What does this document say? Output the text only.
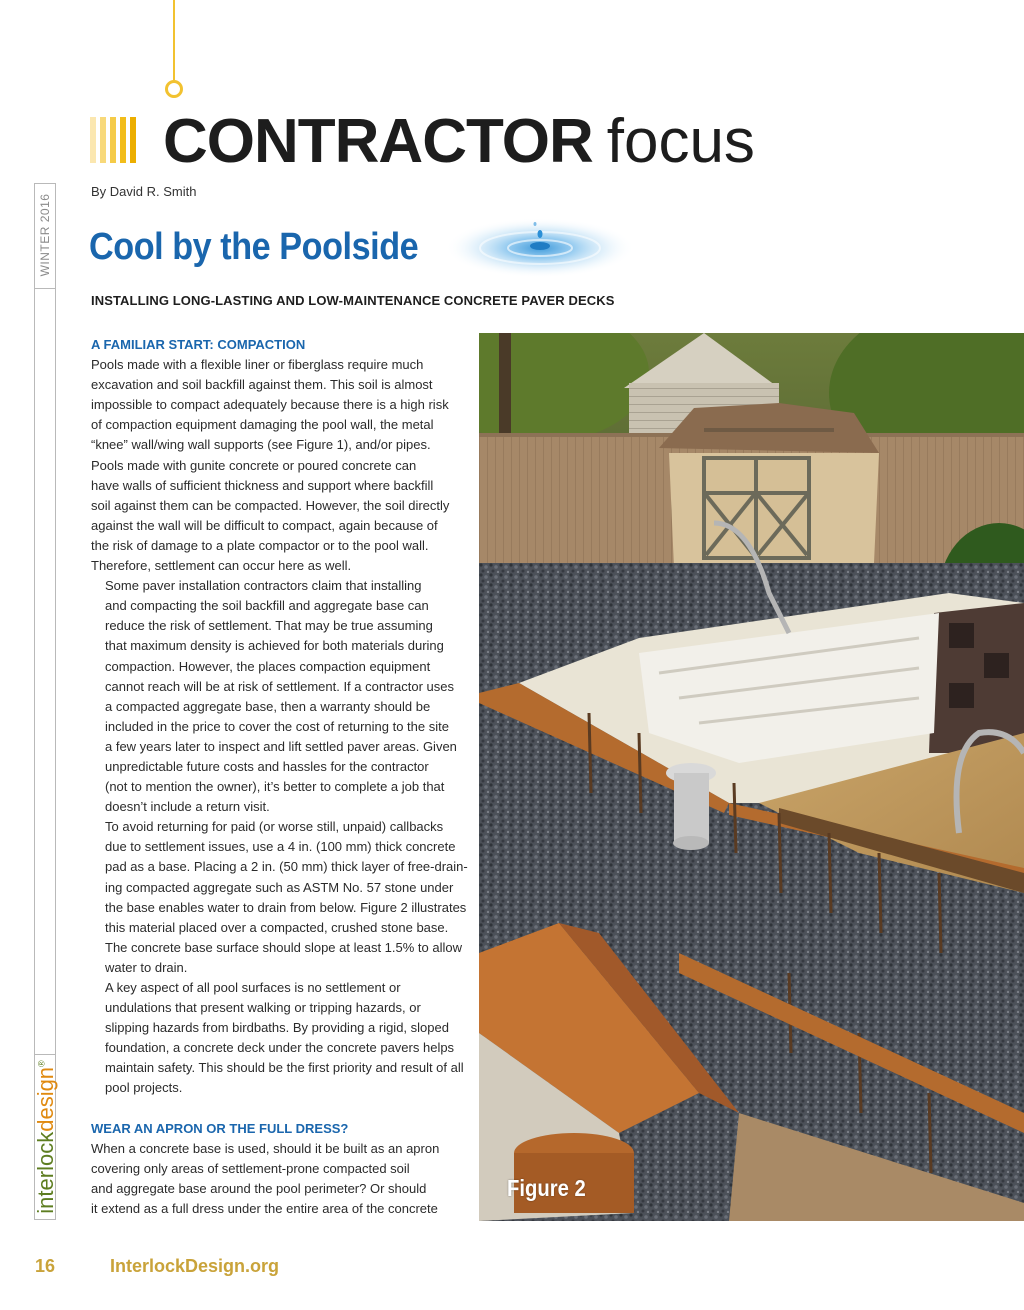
CONTRACTOR focus
By David R. Smith
Cool by the Poolside
INSTALLING LONG-LASTING AND LOW-MAINTENANCE CONCRETE PAVER DECKS
WINTER 2016
interlockdesign®
A FAMILIAR START: COMPACTION

Pools made with a flexible liner or fiberglass require much
excavation and soil backfill against them. This soil is almost
impossible to compact adequately because there is a high risk
of compaction equipment damaging the pool wall, the metal
“knee” wall/wing wall supports (see Figure 1), and/or pipes.
Pools made with gunite concrete or poured concrete can
have walls of sufficient thickness and support where backfill
soil against them can be compacted. However, the soil directly
against the wall will be difficult to compact, again because of
the risk of damage to a plate compactor or to the pool wall.
Therefore, settlement can occur here as well.

Some paver installation contractors claim that installing
and compacting the soil backfill and aggregate base can
reduce the risk of settlement. That may be true assuming
that maximum density is achieved for both materials during
compaction. However, the places compaction equipment
cannot reach will be at risk of settlement. If a contractor uses
a compacted aggregate base, then a warranty should be
included in the price to cover the cost of returning to the site
a few years later to inspect and lift settled paver areas. Given
unpredictable future costs and hassles for the contractor
(not to mention the owner), it’s better to complete a job that
doesn’t include a return visit.

To avoid returning for paid (or worse still, unpaid) callbacks
due to settlement issues, use a 4 in. (100 mm) thick concrete
pad as a base. Placing a 2 in. (50 mm) thick layer of free-drain-
ing compacted aggregate such as ASTM No. 57 stone under
the base enables water to drain from below. Figure 2 illustrates
this material placed over a compacted, crushed stone base.
The concrete base surface should slope at least 1.5% to allow
water to drain.

A key aspect of all pool surfaces is no settlement or
undulations that present walking or tripping hazards, or
slipping hazards from birdbaths. By providing a rigid, sloped
foundation, a concrete deck under the concrete pavers helps
maintain safety. This should be the first priority and result of all
pool projects.

WEAR AN APRON OR THE FULL DRESS?

When a concrete base is used, should it be built as an apron
covering only areas of settlement-prone compacted soil
and aggregate base around the pool perimeter? Or should
it extend as a full dress under the entire area of the concrete

Figure 2
16	InterlockDesign.org
